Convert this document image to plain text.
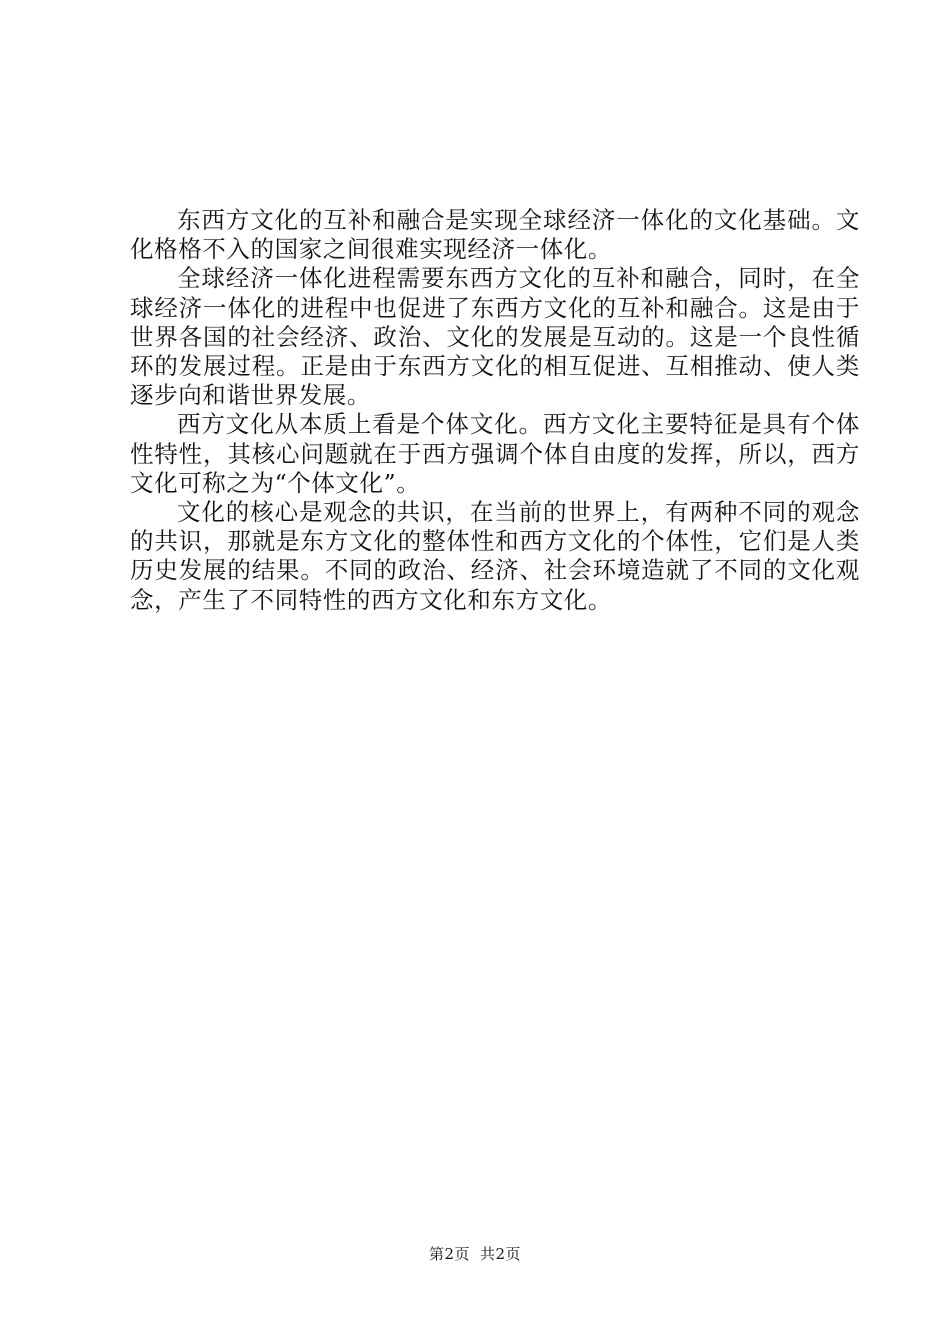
东西方文化的互补和融合是实现全球经济一体化的文化基础。文化格格不入的国家之间很难实现经济一体化。

全球经济一体化进程需要东西方文化的互补和融合，同时，在全球经济一体化的进程中也促进了东西方文化的互补和融合。这是由于世界各国的社会经济、政治、文化的发展是互动的。这是一个良性循环的发展过程。正是由于东西方文化的相互促进、互相推动、使人类逐步向和谐世界发展。

西方文化从本质上看是个体文化。西方文化主要特征是具有个体性特性，其核心问题就在于西方强调个体自由度的发挥，所以，西方文化可称之为“个体文化”。

文化的核心是观念的共识，在当前的世界上，有两种不同的观念的共识，那就是东方文化的整体性和西方文化的个体性，它们是人类历史发展的结果。不同的政治、经济、社会环境造就了不同的文化观念，产生了不同特性的西方文化和东方文化。

第2页 共2页
